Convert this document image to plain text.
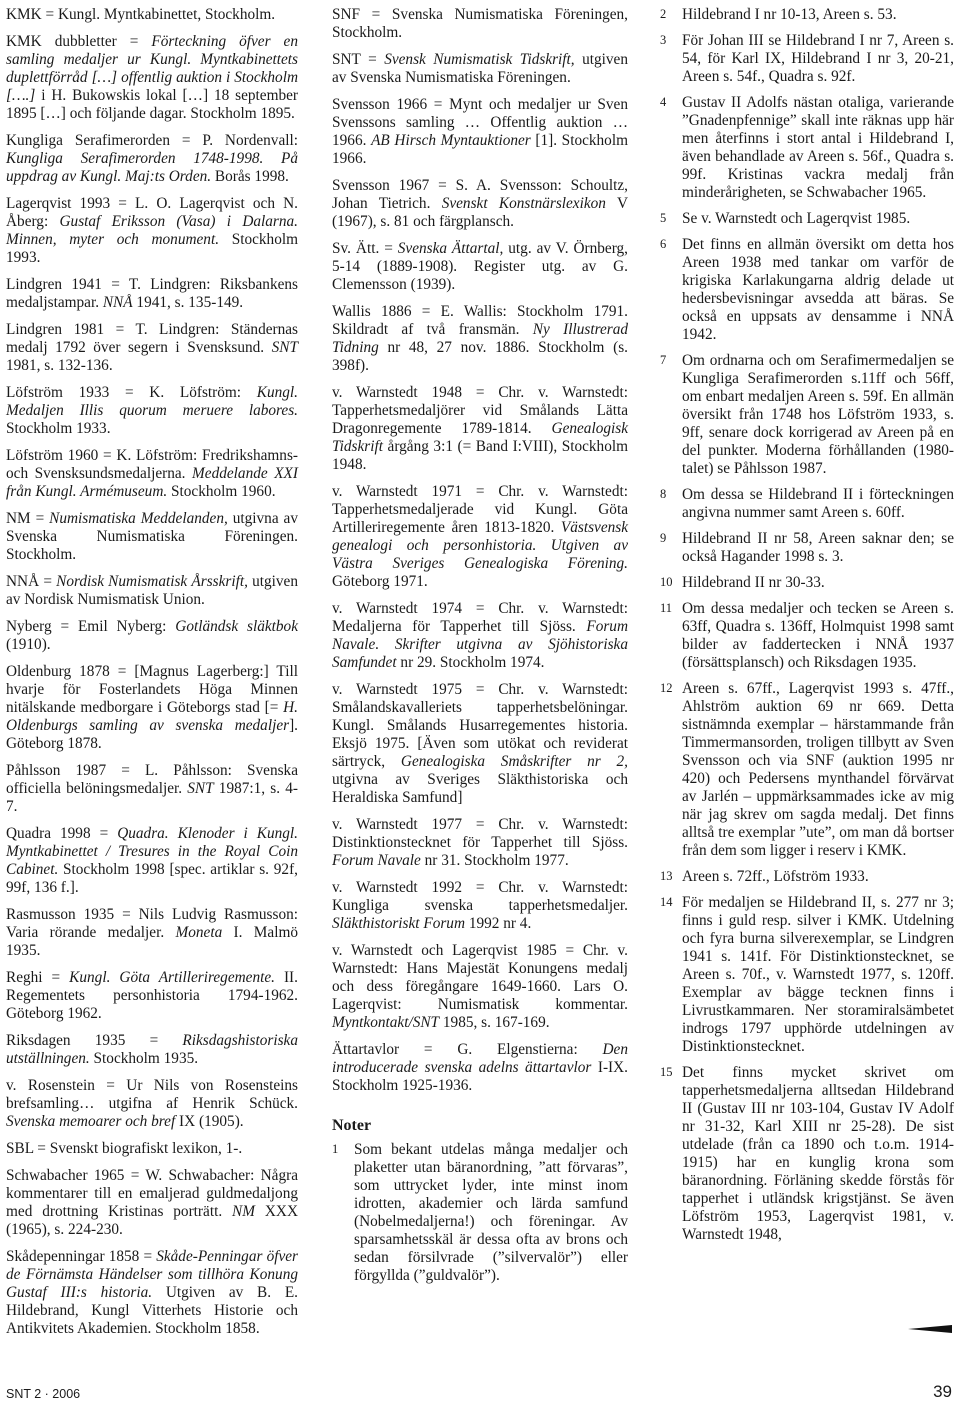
KMK = Kungl. Myntkabinettet, Stockholm.

KMK dubbletter = Förteckning öfver en samling medaljer ur Kungl. Myntkabinettets duplettförråd […] offentlig auktion i Stockholm [….] i H. Bukowskis lokal […] 18 september 1895 […] och följande dagar. Stockholm 1895.

Kungliga Serafimerorden = P. Nordenvall: Kungliga Serafimerorden 1748-1998. På uppdrag av Kungl. Maj:ts Orden. Borås 1998.

Lagerqvist 1993 = L. O. Lagerqvist och N. Åberg: Gustaf Eriksson (Vasa) i Dalarna. Minnen, myter och monument. Stockholm 1993.

Lindgren 1941 = T. Lindgren: Riksbankens medaljstampar. NNÅ 1941, s. 135-149.

Lindgren 1981 = T. Lindgren: Ständernas medalj 1792 över segern i Svensksund. SNT 1981, s. 132-136.

Löfström 1933 = K. Löfström: Kungl. Medaljen Illis quorum meruere labores. Stockholm 1933.

Löfström 1960 = K. Löfström: Fredrikshamns- och Svensksundsmedaljerna. Meddelande XXI från Kungl. Armémuseum. Stockholm 1960.

NM = Numismatiska Meddelanden, utgivna av Svenska Numismatiska Föreningen. Stockholm.

NNÅ = Nordisk Numismatisk Årsskrift, utgiven av Nordisk Numismatisk Union.

Nyberg = Emil Nyberg: Gotländsk släktbok (1910).

Oldenburg 1878 = [Magnus Lagerberg:] Till hvarje för Fosterlandets Höga Minnen nitälskande medborgare i Göteborgs stad [= H. Oldenburgs samling av svenska medaljer]. Göteborg 1878.

Påhlsson 1987 = L. Påhlsson: Svenska officiella belöningsmedaljer. SNT 1987:1, s. 4-7.

Quadra 1998 = Quadra. Klenoder i Kungl. Myntkabinettet / Tresures in the Royal Coin Cabinet. Stockholm 1998 [spec. artiklar s. 92f, 99f, 136 f.].

Rasmusson 1935 = Nils Ludvig Rasmusson: Varia rörande medaljer. Moneta I. Malmö 1935.

Reghi = Kungl. Göta Artilleriregemente. II. Regementets personhistoria 1794-1962. Göteborg 1962.

Riksdagen 1935 = Riksdagshistoriska utställningen. Stockholm 1935.

v. Rosenstein = Ur Nils von Rosensteins brefsamling… utgifna af Henrik Schück. Svenska memoarer och bref IX (1905).

SBL = Svenskt biografiskt lexikon, 1-.

Schwabacher 1965 = W. Schwabacher: Några kommentarer till en emaljerad guldmedaljong med drottning Kristinas porträtt. NM XXX (1965), s. 224-230.

Skådepenningar 1858 = Skåde-Penningar öfver de Förnämsta Händelser som tillhöra Konung Gustaf III:s historia. Utgiven av B. E. Hildebrand, Kungl Vitterhets Historie och Antikvitets Akademien. Stockholm 1858.

SNF = Svenska Numismatiska Föreningen, Stockholm.

SNT = Svensk Numismatisk Tidskrift, utgiven av Svenska Numismatiska Föreningen.

Svensson 1966 = Mynt och medaljer ur Sven Svenssons samling … Offentlig auktion … 1966. AB Hirsch Myntauktioner [1]. Stockholm 1966.

Svensson 1967 = S. A. Svensson: Schoultz, Johan Tietrich. Svenskt Konstnärslexikon V (1967), s. 81 och färgplansch.

Sv. Ätt. = Svenska Ättartal, utg. av V. Örnberg, 5-14 (1889-1908). Register utg. av G. Clemensson (1939).

Wallis 1886 = E. Wallis: Stockholm 1791. Skildradt af två fransmän. Ny Illustrerad Tidning nr 48, 27 nov. 1886. Stockholm (s. 398f).

v. Warnstedt 1948 = Chr. v. Warnstedt: Tapperhetsmedaljörer vid Smålands Lätta Dragonregemente 1789-1814. Genealogisk Tidskrift årgång 3:1 (= Band I:VIII), Stockholm 1948.

v. Warnstedt 1971 = Chr. v. Warnstedt: Tapperhetsmedaljerade vid Kungl. Göta Artilleriregemente åren 1813-1820. Västsvensk genealogi och personhistoria. Utgiven av Västra Sveriges Genealogiska Förening. Göteborg 1971.

v. Warnstedt 1974 = Chr. v. Warnstedt: Medaljerna för Tapperhet till Sjöss. Forum Navale. Skrifter utgivna av Sjöhistoriska Samfundet nr 29. Stockholm 1974.

v. Warnstedt 1975 = Chr. v. Warnstedt: Smålandskavalleriets tapperhetsbelöningar. Kungl. Smålands Husarregementes historia. Eksjö 1975. [Även som utökat och reviderat särtryck, Genealogiska Småskrifter nr 2, utgivna av Sveriges Släkthistoriska och Heraldiska Samfund]

v. Warnstedt 1977 = Chr. v. Warnstedt: Distinktionstecknet för Tapperhet till Sjöss. Forum Navale nr 31. Stockholm 1977.

v. Warnstedt 1992 = Chr. v. Warnstedt: Kungliga svenska tapperhetsmedaljer. Släkthistoriskt Forum 1992 nr 4.

v. Warnstedt och Lagerqvist 1985 = Chr. v. Warnstedt: Hans Majestät Konungens medalj och dess föregångare 1649-1660. Lars O. Lagerqvist: Numismatisk kommentar. Myntkontakt/SNT 1985, s. 167-169.

Ättartavlor = G. Elgenstierna: Den introducerade svenska adelns ättartavlor I-IX. Stockholm 1925-1936.

Noter

1 Som bekant utdelas många medaljer och plaketter utan bäranordning, ”att förvaras”, som uttrycket lyder, inte minst inom idrotten, akademier och lärda samfund (Nobelmedaljerna!) och föreningar. Av sparsamhetsskäl är dessa ofta av brons och sedan försilvrade (”silvervalör”) eller förgyllda (”guldvalör”).

2 Hildebrand I nr 10-13, Areen s. 53.

3 För Johan III se Hildebrand I nr 7, Areen s. 54, för Karl IX, Hildebrand I nr 3, 20-21, Areen s. 54f., Quadra s. 92f.

4 Gustav II Adolfs nästan otaliga, varierande ”Gnadenpfennige” skall inte räknas upp här men återfinns i stort antal i Hildebrand I, även behandlade av Areen s. 56f., Quadra s. 99f. Kristinas vackra medalj från minderårigheten, se Schwabacher 1965.

5 Se v. Warnstedt och Lagerqvist 1985.

6 Det finns en allmän översikt om detta hos Areen 1938 med tankar om varför de krigiska Karlakungarna aldrig delade ut hedersbevisningar avsedda att bäras. Se också en uppsats av densamme i NNÅ 1942.

7 Om ordnarna och om Serafimermedaljen se Kungliga Serafimerorden s.11ff och 56ff, om enbart medaljen Areen s. 59f. En allmän översikt från 1748 hos Löfström 1933, s. 9ff, senare dock korrigerad av Areen på en del punkter. Moderna förhållanden (1980-talet) se Påhlsson 1987.

8 Om dessa se Hildebrand II i förteckningen angivna nummer samt Areen s. 60ff.

9 Hildebrand II nr 58, Areen saknar den; se också Hagander 1998 s. 3.

10 Hildebrand II nr 30-33.

11 Om dessa medaljer och tecken se Areen s. 63ff, Quadra s. 136ff, Holmquist 1998 samt bilder av faddertecken i NNÅ 1937 (försättsplansch) och Riksdagen 1935.

12 Areen s. 67ff., Lagerqvist 1993 s. 47ff., Ahlström auktion 69 nr 669. Detta sistnämnda exemplar – härstammande från Timmermansorden, troligen tillbytt av Sven Svensson och via SNF (auktion 1995 nr 420) och Pedersens mynthandel förvärvat av Jarlén – uppmärksammades icke av mig när jag skrev om sagda medalj. Det finns alltså tre exemplar ”ute”, om man då bortser från dem som ligger i reserv i KMK.

13 Areen s. 72ff., Löfström 1933.

14 För medaljen se Hildebrand II, s. 277 nr 3; finns i guld resp. silver i KMK. Utdelning och fyra burna silverexemplar, se Lindgren 1941 s. 141f. För Distinktionstecknet, se Areen s. 70f., v. Warnstedt 1977, s. 120ff. Exemplar av bägge tecknen finns i Livrustkammaren. Ner storamiralsämbetet indrogs 1797 upphörde utdelningen av Distinktionstecknet.

15 Det finns mycket skrivet om tapperhetsmedaljerna alltsedan Hildebrand II (Gustav III nr 103-104, Gustav IV Adolf nr 31-32, Karl XIII nr 25-28). De sist utdelade (från ca 1890 och t.o.m. 1914-1915) har en kunglig krona som bäranordning. Förläning skedde förstås för tapperhet i utländsk krigstjänst. Se även Löfström 1953, Lagerqvist 1981, v. Warnstedt 1948,

SNT 2 · 2006	39
